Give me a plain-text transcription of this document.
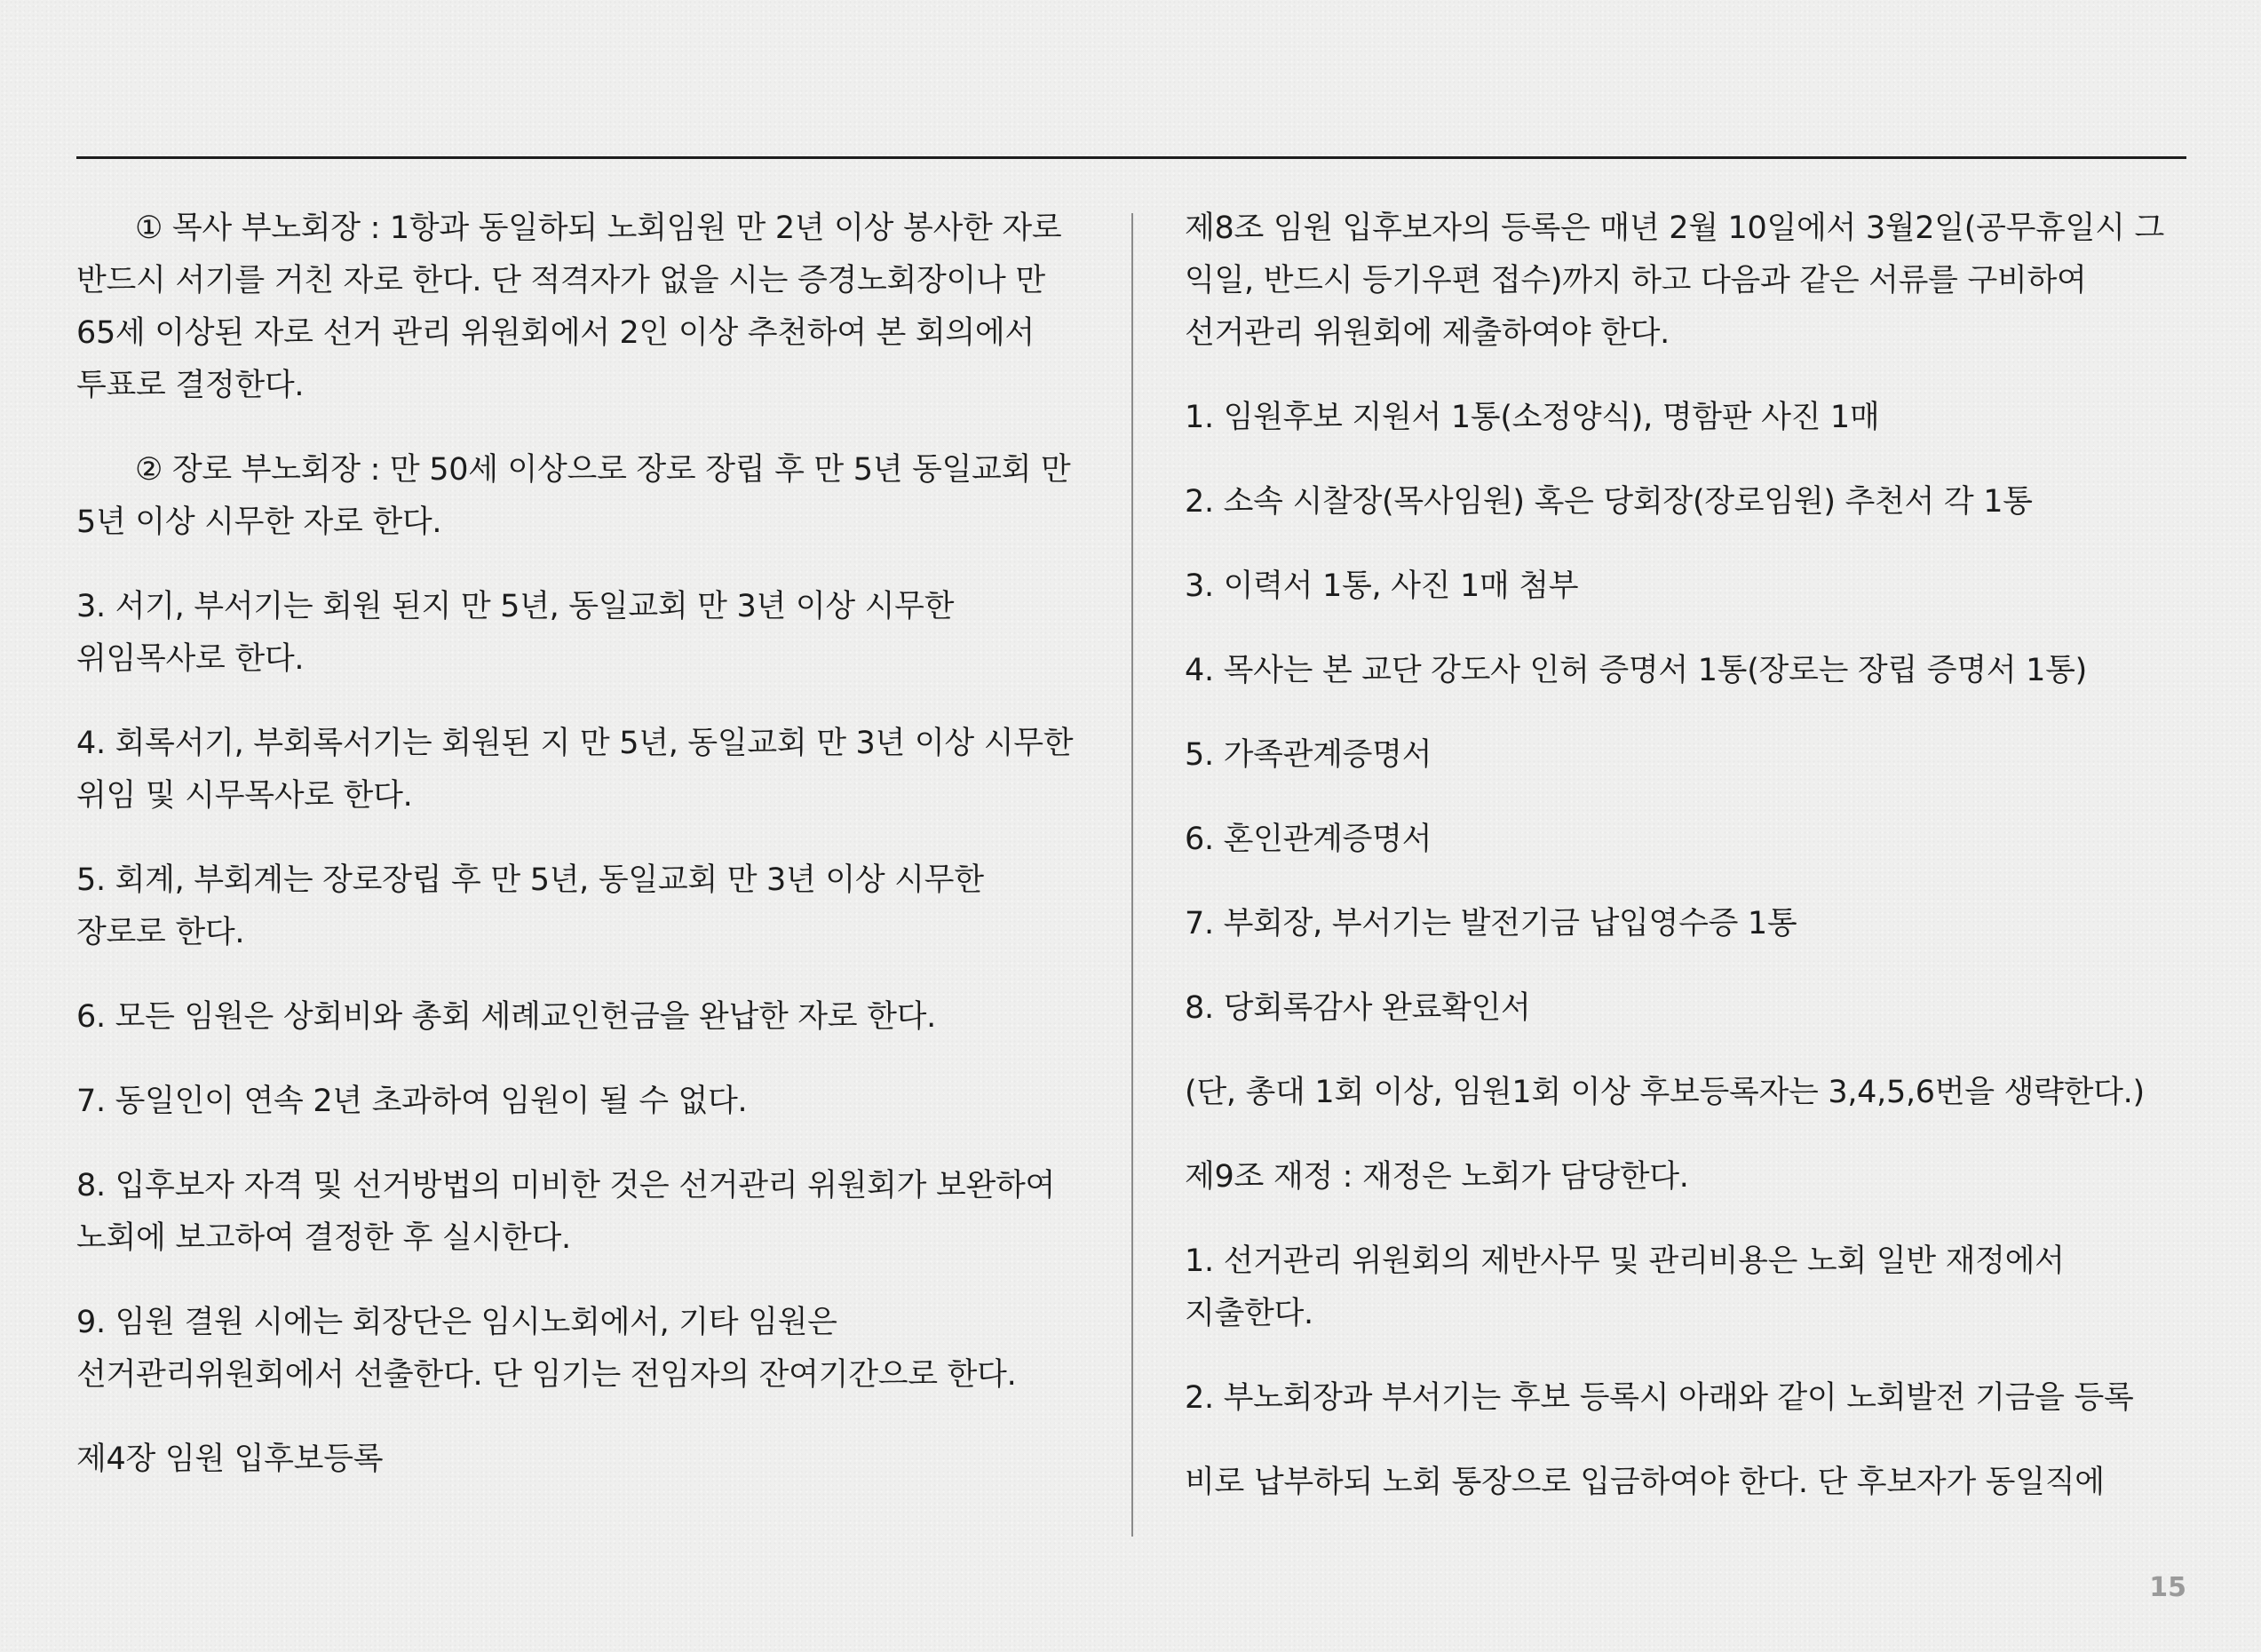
① 목사 부노회장 : 1항과 동일하되 노회임원 만 2년 이상 봉사한 자로 반드시 서기를 거친 자로 한다. 단 적격자가 없을 시는 증경노회장이나 만 65세 이상된 자로 선거 관리 위원회에서 2인 이상 추천하여 본 회의에서 투표로 결정한다.

② 장로 부노회장 : 만 50세 이상으로 장로 장립 후 만 5년 동일교회 만 5년 이상 시무한 자로 한다.

3. 서기, 부서기는 회원 된지 만 5년, 동일교회 만 3년 이상 시무한 위임목사로 한다.

4. 회록서기, 부회록서기는 회원된 지 만 5년, 동일교회 만 3년 이상 시무한 위임 및 시무목사로 한다.

5. 회계, 부회계는 장로장립 후 만 5년, 동일교회 만 3년 이상 시무한 장로로 한다.

6. 모든 임원은 상회비와 총회 세례교인헌금을 완납한 자로 한다.

7. 동일인이 연속 2년 초과하여 임원이 될 수 없다.

8. 입후보자 자격 및 선거방법의 미비한 것은 선거관리 위원회가 보완하여 노회에 보고하여 결정한 후 실시한다.

9. 임원 결원 시에는 회장단은 임시노회에서, 기타 임원은 선거관리위원회에서 선출한다. 단 임기는 전임자의 잔여기간으로 한다.

제4장 임원 입후보등록

제8조 임원 입후보자의 등록은 매년 2월 10일에서 3월2일(공무휴일시 그 익일, 반드시 등기우편 접수)까지 하고 다음과 같은 서류를 구비하여 선거관리 위원회에 제출하여야 한다.

1. 임원후보 지원서 1통(소정양식), 명함판 사진 1매

2. 소속 시찰장(목사임원) 혹은 당회장(장로임원) 추천서 각 1통

3. 이력서 1통, 사진 1매 첨부

4. 목사는 본 교단 강도사 인허 증명서 1통(장로는 장립 증명서 1통)

5. 가족관계증명서

6. 혼인관계증명서

7. 부회장, 부서기는 발전기금 납입영수증 1통

8. 당회록감사 완료확인서

(단, 총대 1회 이상, 임원1회 이상 후보등록자는 3,4,5,6번을 생략한다.)

제9조 재정 : 재정은 노회가 담당한다.

1. 선거관리 위원회의 제반사무 및 관리비용은 노회 일반 재정에서 지출한다.

2. 부노회장과 부서기는 후보 등록시 아래와 같이 노회발전 기금을 등록

비로 납부하되 노회 통장으로 입금하여야 한다. 단 후보자가 동일직에

15
